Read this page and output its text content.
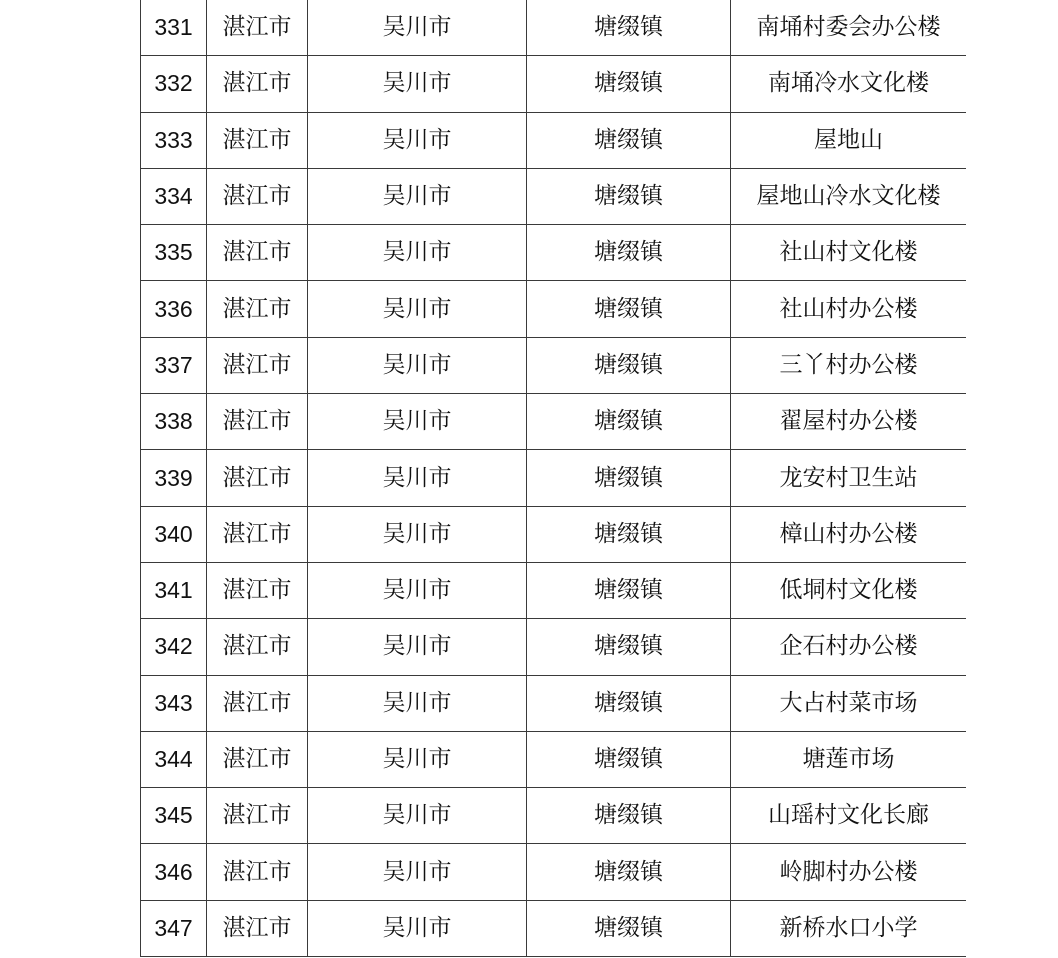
331	湛江市	吴川市	塘缀镇	南埇村委会办公楼
332	湛江市	吴川市	塘缀镇	南埇冷水文化楼
333	湛江市	吴川市	塘缀镇	屋地山
334	湛江市	吴川市	塘缀镇	屋地山冷水文化楼
335	湛江市	吴川市	塘缀镇	社山村文化楼
336	湛江市	吴川市	塘缀镇	社山村办公楼
337	湛江市	吴川市	塘缀镇	三丫村办公楼
338	湛江市	吴川市	塘缀镇	翟屋村办公楼
339	湛江市	吴川市	塘缀镇	龙安村卫生站
340	湛江市	吴川市	塘缀镇	樟山村办公楼
341	湛江市	吴川市	塘缀镇	低垌村文化楼
342	湛江市	吴川市	塘缀镇	企石村办公楼
343	湛江市	吴川市	塘缀镇	大占村菜市场
344	湛江市	吴川市	塘缀镇	塘莲市场
345	湛江市	吴川市	塘缀镇	山瑶村文化长廊
346	湛江市	吴川市	塘缀镇	岭脚村办公楼
347	湛江市	吴川市	塘缀镇	新桥水口小学
